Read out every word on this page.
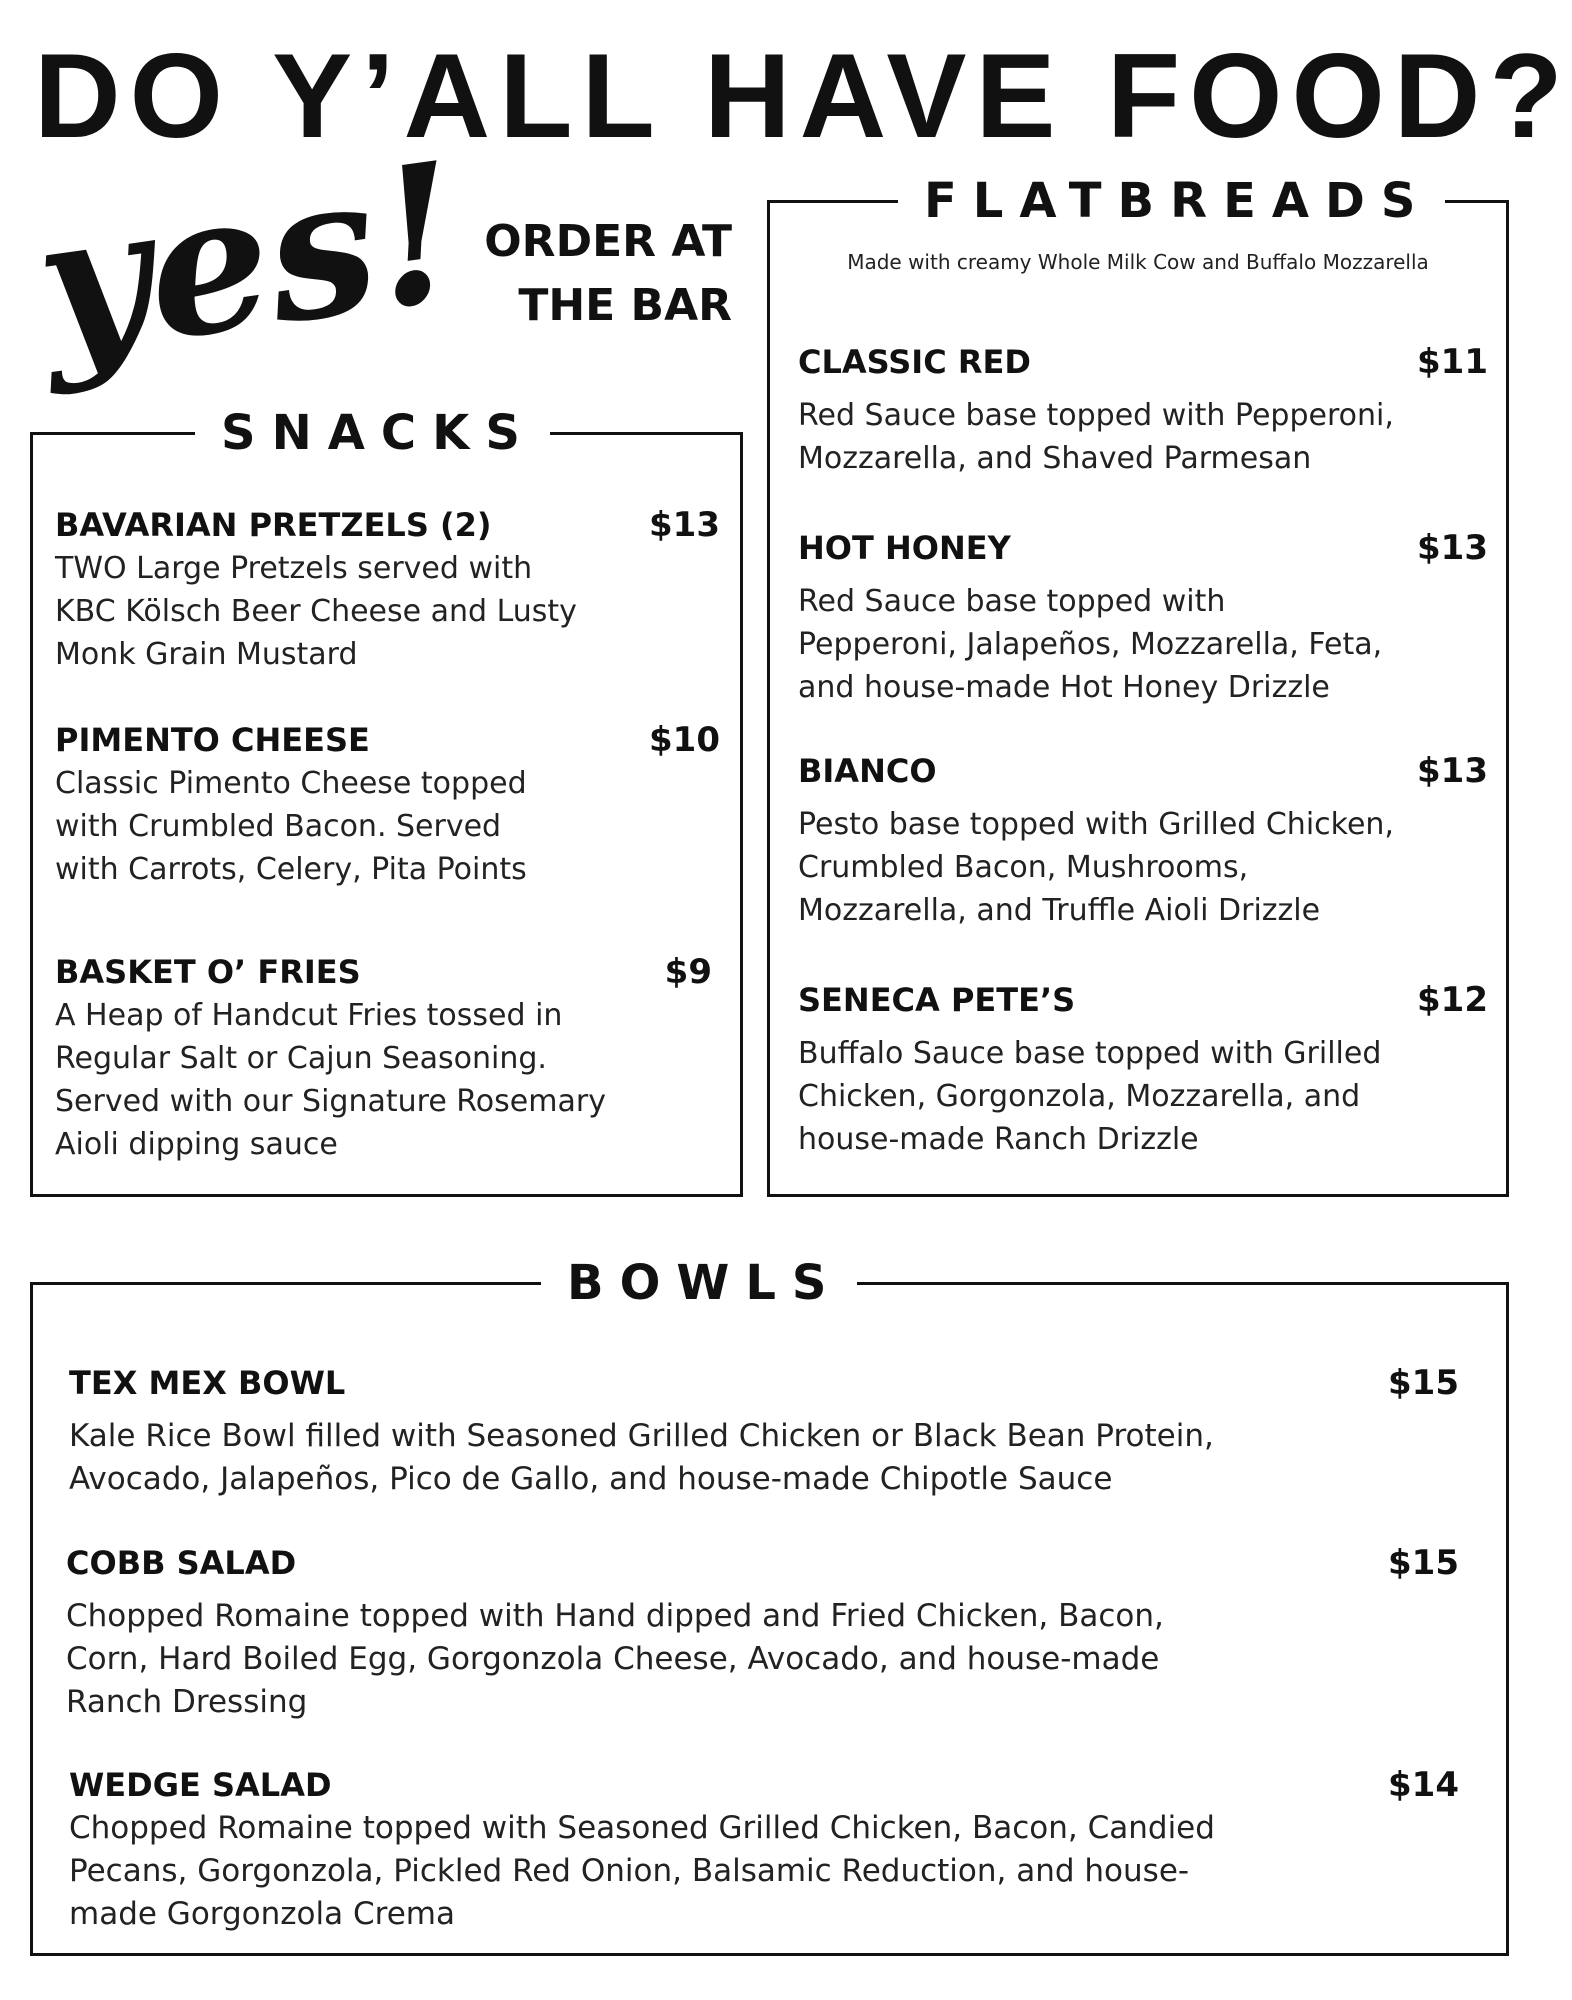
DO Y’ALL HAVE FOOD?
yes! ORDER AT
THE BAR
SNACKS
BAVARIAN PRETZELS (2)	$13
TWO Large Pretzels served with
KBC Kölsch Beer Cheese and Lusty
Monk Grain Mustard
PIMENTO CHEESE	$10
Classic Pimento Cheese topped
with Crumbled Bacon. Served
with Carrots, Celery, Pita Points
BASKET O’ FRIES	$9
A Heap of Handcut Fries tossed in
Regular Salt or Cajun Seasoning.
Served with our Signature Rosemary
Aioli dipping sauce
FLATBREADS
Made with creamy Whole Milk Cow and Buffalo Mozzarella
CLASSIC RED	$11
Red Sauce base topped with Pepperoni,
Mozzarella, and Shaved Parmesan
HOT HONEY	$13
Red Sauce base topped with
Pepperoni, Jalapeños, Mozzarella, Feta,
and house-made Hot Honey Drizzle
BIANCO	$13
Pesto base topped with Grilled Chicken,
Crumbled Bacon, Mushrooms,
Mozzarella, and Truffle Aioli Drizzle
SENECA PETE’S	$12
Buffalo Sauce base topped with Grilled
Chicken, Gorgonzola, Mozzarella, and
house-made Ranch Drizzle
BOWLS
TEX MEX BOWL	$15
Kale Rice Bowl filled with Seasoned Grilled Chicken or Black Bean Protein,
Avocado, Jalapeños, Pico de Gallo, and house-made Chipotle Sauce
COBB SALAD	$15
Chopped Romaine topped with Hand dipped and Fried Chicken, Bacon,
Corn, Hard Boiled Egg, Gorgonzola Cheese, Avocado, and house-made
Ranch Dressing
WEDGE SALAD	$14
Chopped Romaine topped with Seasoned Grilled Chicken, Bacon, Candied
Pecans, Gorgonzola, Pickled Red Onion, Balsamic Reduction, and house-
made Gorgonzola Crema
